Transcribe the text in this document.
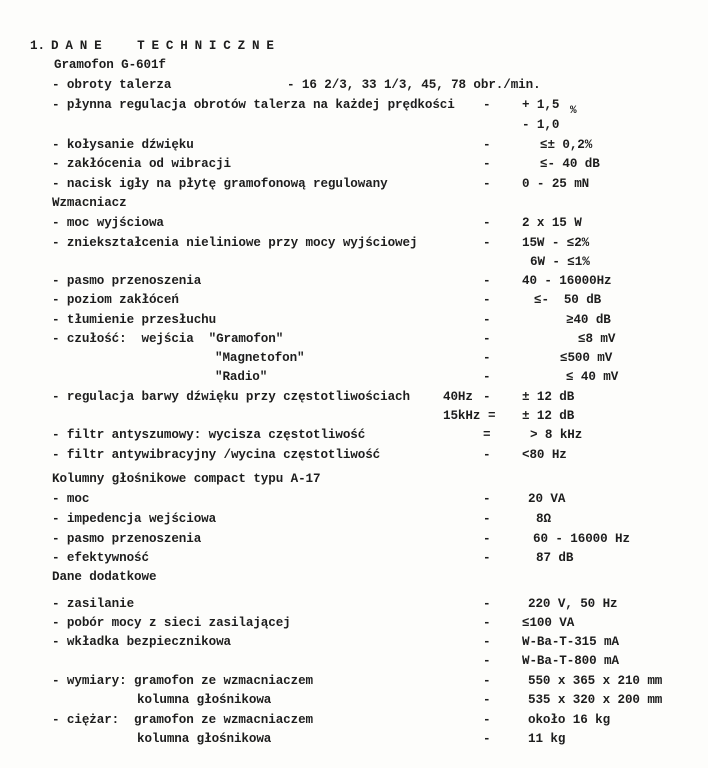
1. DANE  TECHNICZNE
Gramofon G-601f
- obroty talerza	- 16 2/3, 33 1/3, 45, 78 obr./min.
- płynna regulacja obrotów talerza na każdej prędkości -	+ 1,5 %
- 1,0
- kołysanie dźwięku	-	≤± 0,2%
- zakłócenia od wibracji	-	≤- 40 dB
- nacisk igły na płytę gramofonową regulowany	-	0 - 25 mN
Wzmacniacz
- moc wyjściowa	-	2 x 15 W
- zniekształcenia nieliniowe przy mocy wyjściowej	-	15W - ≤2%
6W - ≤1%
- pasmo przenoszenia	-	40 - 16000Hz
- poziom zakłóceń	-	≤-  50 dB
- tłumienie przesłuchu	-	≥40 dB
- czułość:  wejścia  "Gramofon"	-	≤8 mV
"Magnetofon"	-	≤500 mV
"Radio"	-	≤ 40 mV
- regulacja barwy dźwięku przy częstotliwościach	40Hz -	± 12 dB
15kHz = ± 12 dB
- filtr antyszumowy: wycisza częstotliwość	=	> 8 kHz
- filtr antywibracyjny /wycina częstotliwość	-	<80 Hz
Kolumny głośnikowe compact typu A-17
- moc	-	20 VA
- impedencja wejściowa	-	8Ω
- pasmo przenoszenia	-	60 - 16000 Hz
- efektywność	-	87 dB
Dane dodatkowe
- zasilanie	-	220 V, 50 Hz
- pobór mocy z sieci zasilającej	-	≤100 VA
- wkładka bezpiecznikowa	-	W-Ba-T-315 mA
-	W-Ba-T-800 mA
- wymiary: gramofon ze wzmacniaczem	-	550 x 365 x 210 mm
kolumna głośnikowa	-	535 x 320 x 200 mm
- ciężar:  gramofon ze wzmacniaczem	-	około 16 kg
kolumna głośnikowa	-	11 kg
